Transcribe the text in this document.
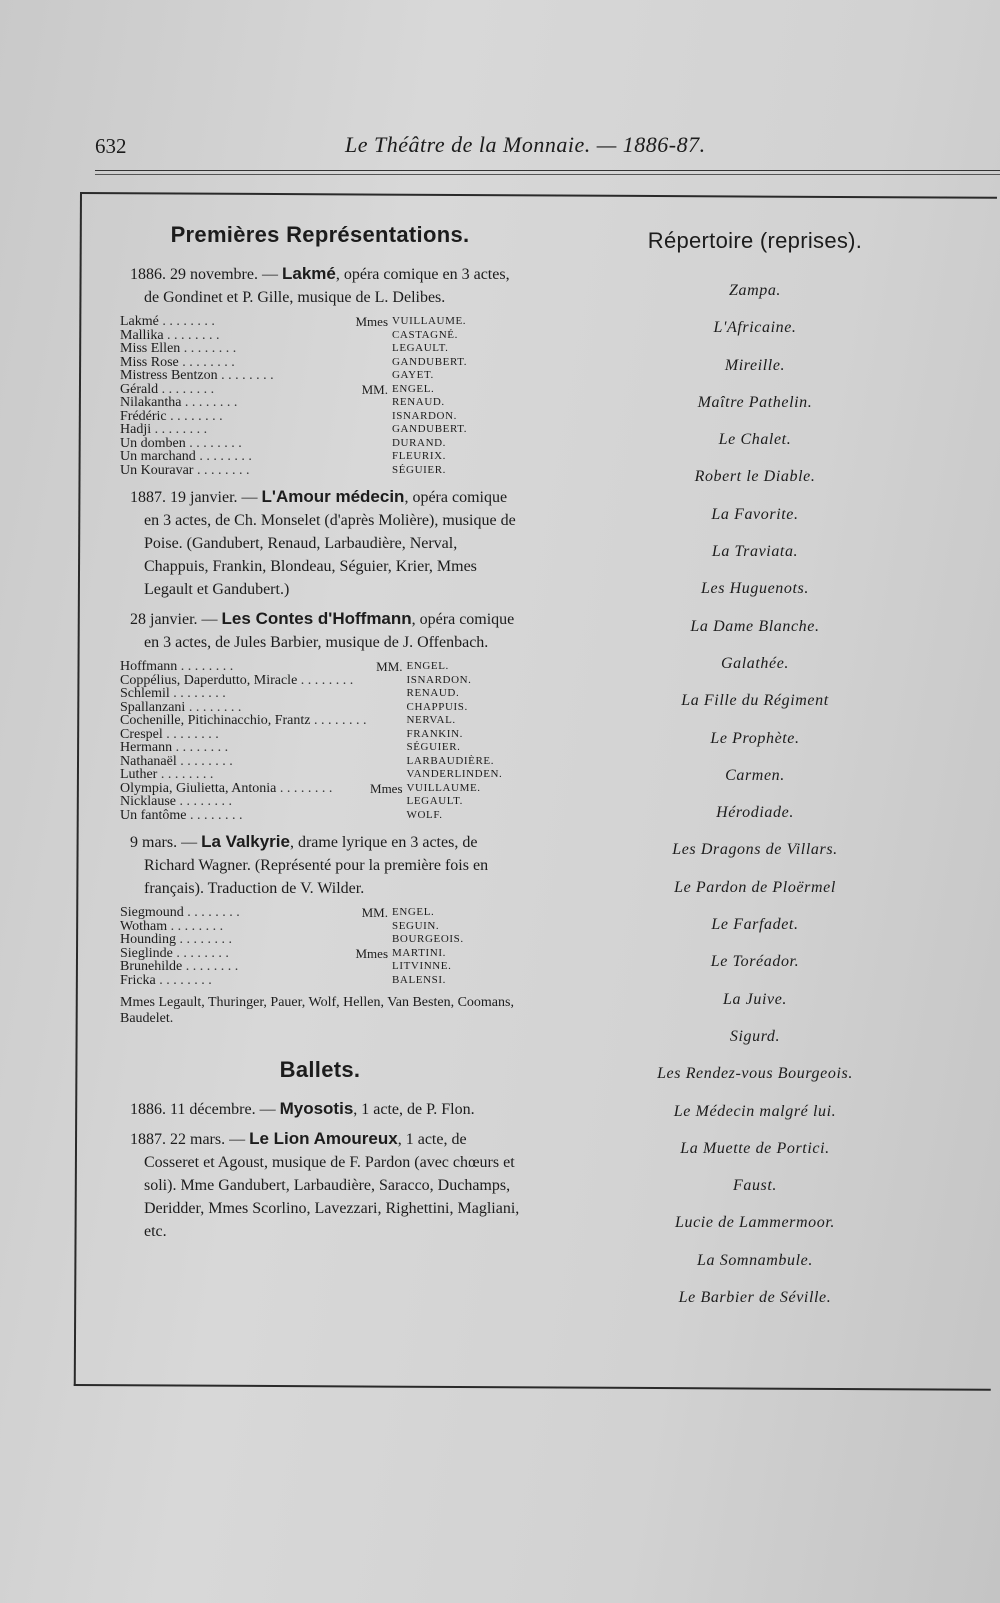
632	Le Théâtre de la Monnaie. — 1886-87.
Premières Représentations.

1886. 29 novembre. — Lakmé, opéra comique en 3 actes, de Gondinet et P. Gille, musique de L. Delibes.

Lakmé . . . . . . . .	Mmes	VUILLAUME.
Mallika . . . . . . . .		CASTAGNÉ.
Miss Ellen . . . . . . . .		LEGAULT.
Miss Rose . . . . . . . .		GANDUBERT.
Mistress Bentzon . . . . . . . .		GAYET.
Gérald . . . . . . . .	MM.	ENGEL.
Nilakantha . . . . . . . .		RENAUD.
Frédéric . . . . . . . .		ISNARDON.
Hadji . . . . . . . .		GANDUBERT.
Un domben . . . . . . . .		DURAND.
Un marchand . . . . . . . .		FLEURIX.
Un Kouravar . . . . . . . .		SÉGUIER.

1887. 19 janvier. — L'Amour médecin, opéra comique en 3 actes, de Ch. Monselet (d'après Molière), musique de Poise. (Gandubert, Renaud, Larbaudière, Nerval, Chappuis, Frankin, Blondeau, Séguier, Krier, Mmes Legault et Gandubert.)

28 janvier. — Les Contes d'Hoffmann, opéra comique en 3 actes, de Jules Barbier, musique de J. Offenbach.

Hoffmann . . . . . . . .	MM.	ENGEL.
Coppélius, Daperdutto, Miracle . . . . . . . .		ISNARDON.
Schlemil . . . . . . . .		RENAUD.
Spallanzani . . . . . . . .		CHAPPUIS.
Cochenille, Pitichinacchio, Frantz . . . . . . . .		NERVAL.
Crespel . . . . . . . .		FRANKIN.
Hermann . . . . . . . .		SÉGUIER.
Nathanaël . . . . . . . .		LARBAUDIÈRE.
Luther . . . . . . . .		VANDERLINDEN.
Olympia, Giulietta, Antonia . . . . . . . .	Mmes	VUILLAUME.
Nicklause . . . . . . . .		LEGAULT.
Un fantôme . . . . . . . .		WOLF.

9 mars. — La Valkyrie, drame lyrique en 3 actes, de Richard Wagner. (Représenté pour la première fois en français). Traduction de V. Wilder.

Siegmound . . . . . . . .	MM.	ENGEL.
Wotham . . . . . . . .		SEGUIN.
Hounding . . . . . . . .		BOURGEOIS.
Sieglinde . . . . . . . .	Mmes	MARTINI.
Brunehilde . . . . . . . .		LITVINNE.
Fricka . . . . . . . .		BALENSI.

Mmes Legault, Thuringer, Pauer, Wolf, Hellen, Van Besten, Coomans, Baudelet.

Ballets.

1886. 11 décembre. — Myosotis, 1 acte, de P. Flon.

1887. 22 mars. — Le Lion Amoureux, 1 acte, de Cosseret et Agoust, musique de F. Pardon (avec chœurs et soli). Mme Gandubert, Larbaudière, Saracco, Duchamps, Deridder, Mmes Scorlino, Lavezzari, Righettini, Magliani, etc.

Répertoire (reprises).
Zampa.
L'Africaine.
Mireille.
Maître Pathelin.
Le Chalet.
Robert le Diable.
La Favorite.
La Traviata.
Les Huguenots.
La Dame Blanche.
Galathée.
La Fille du Régiment
Le Prophète.
Carmen.
Hérodiade.
Les Dragons de Villars.
Le Pardon de Ploërmel
Le Farfadet.
Le Toréador.
La Juive.
Sigurd.
Les Rendez-vous Bourgeois.
Le Médecin malgré lui.
La Muette de Portici.
Faust.
Lucie de Lammermoor.
La Somnambule.
Le Barbier de Séville.
